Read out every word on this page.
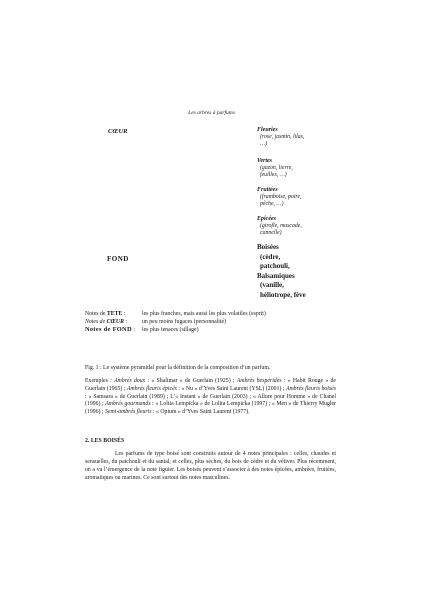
Les arbres à parfums
CŒUR
FOND
Fleuries
(rose, jasmin, lilas,
…)
Vertes
(gazon, lierre,
feuilles, …)
Fruitées
(framboise, poire,
pêche, …)
Epicées
(girofle, muscade,
cannelle)
Boisées
(cèdre,
patchouli,
Balsamiques
(vanille,
héliotrope, fève
Notes de TETE :	les plus franches, mais aussi les plus volatiles (esprit)
Notes de CŒUR :	un peu moins fugaces (personnalité)
Notes de FOND :	les plus tenaces (sillage)
Fig. 1 : Le système pyramidal pour la définition de la composition d’un parfum.
Exemples : Ambrés doux : « Shalimar » de Guerlain (1925) ; Ambrés hespéridés : « Habit Rouge » de Guerlain (1965) ; Ambrés fleuris épicés : « Nu » d’Yves Saint Laurent (YSL) (2001) ; Ambrés fleuris boisés : « Samsara » de Guerlain (1989) ; L’« Instant » de Guerlain (2003) ; « Allure pour Homme » de Chanel (1996) ; Ambrés gourmands : « Lolita Lempicka » de Lolita Lempicka (1997) ; « Men » de Thierry Mugler (1996) ; Semi-ambrés fleuris : « Opium » d’Yves Saint Laurent (1977).
2. LES BOISÉS
Les parfums de type boisé sont construits autour de 4 notes principales : celles, chaudes et sensuelles, du patchouli et du santal, et celles, plus sèches, du bois de cèdre et du vétiver. Plus récemment, on a vu l’émergence de la note figuier. Les boisés peuvent s’associer à des notes épicées, ambrées, fruitées, aromatiques ou marines. Ce sont surtout des notes masculines.
